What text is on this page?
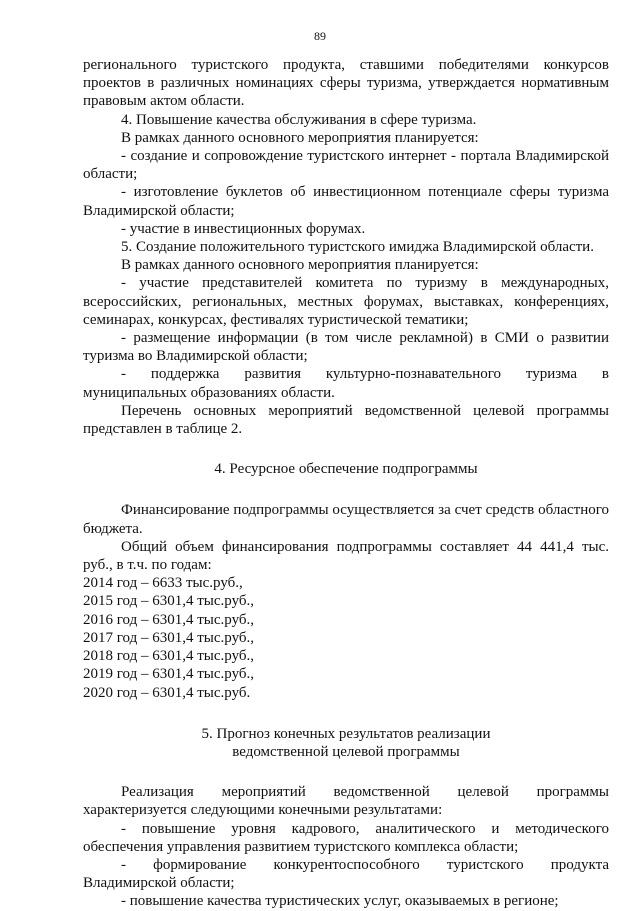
89

регионального туристского продукта, ставшими победителями конкурсов проектов в различных номинациях сферы туризма, утверждается нормативным правовым актом области.

4. Повышение качества обслуживания в сфере туризма.

В рамках данного основного мероприятия планируется:

- создание и сопровождение туристского интернет - портала Владимирской области;

- изготовление буклетов об инвестиционном потенциале сферы туризма Владимирской области;

- участие в инвестиционных форумах.

5. Создание положительного туристского имиджа Владимирской области.

В рамках данного основного мероприятия планируется:

- участие представителей комитета по туризму в международных, всероссийских, региональных, местных форумах, выставках, конференциях, семинарах, конкурсах, фестивалях туристической тематики;

- размещение информации (в том числе рекламной) в СМИ о развитии туризма во Владимирской области;

- поддержка развития культурно-познавательного туризма в муниципальных образованиях области.

Перечень основных мероприятий ведомственной целевой программы представлен в таблице 2.

4. Ресурсное обеспечение подпрограммы

Финансирование подпрограммы осуществляется за счет средств областного бюджета.

Общий объем финансирования подпрограммы составляет 44 441,4 тыс. руб., в т.ч. по годам:

2014 год – 6633 тыс.руб.,

2015 год – 6301,4 тыс.руб.,

2016 год – 6301,4 тыс.руб.,

2017 год – 6301,4 тыс.руб.,

2018 год – 6301,4 тыс.руб.,

2019 год – 6301,4 тыс.руб.,

2020 год – 6301,4 тыс.руб.

5. Прогноз конечных результатов реализации

ведомственной целевой программы

Реализация мероприятий ведомственной целевой программы характеризуется следующими конечными результатами:

- повышение уровня кадрового, аналитического и методического обеспечения управления развитием туристского комплекса области;

- формирование конкурентоспособного туристского продукта Владимирской области;

- повышение качества туристических услуг, оказываемых в регионе;
